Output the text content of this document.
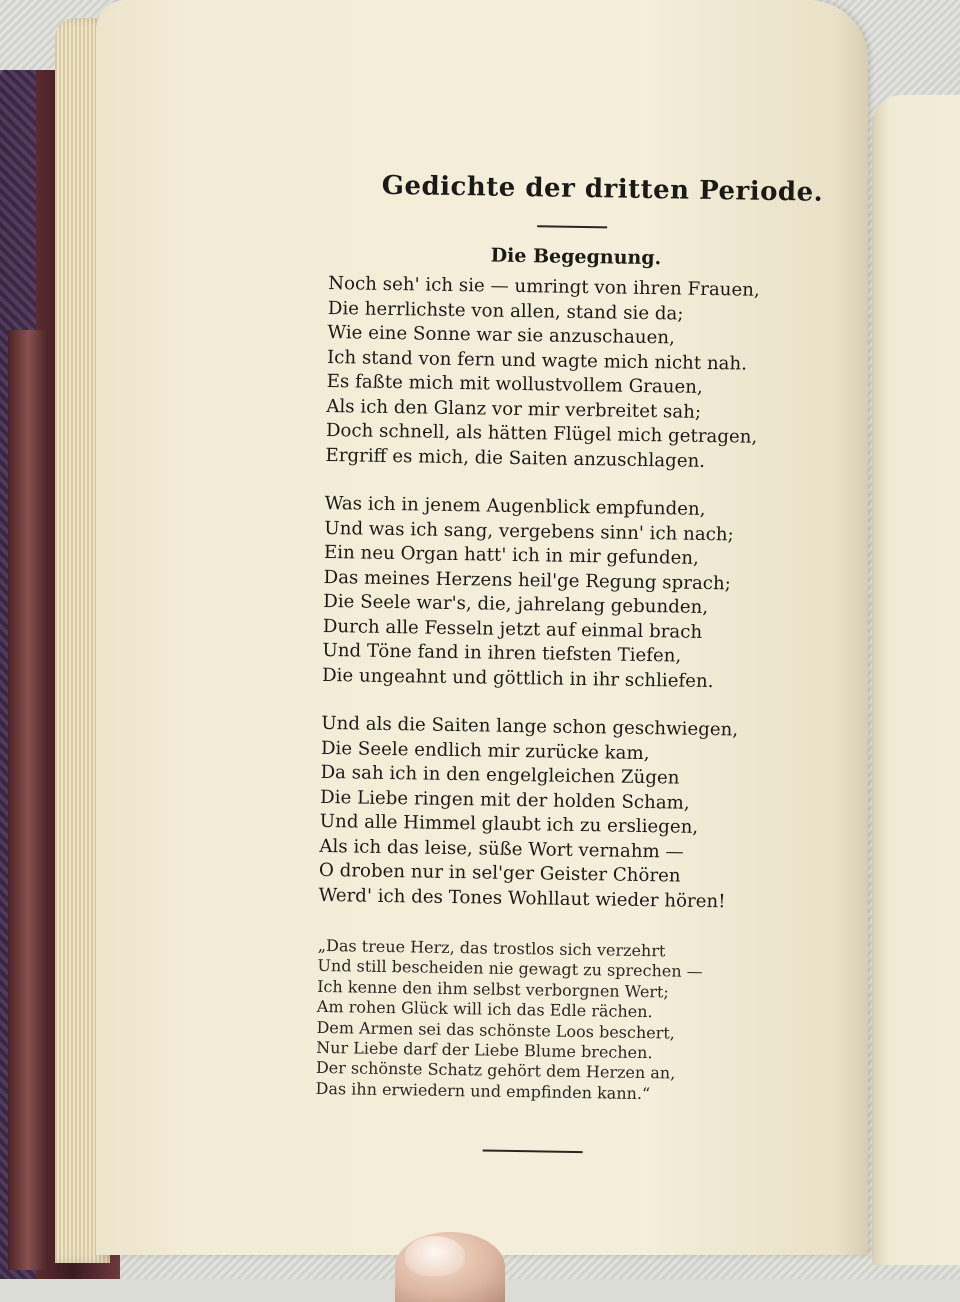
Gedichte der dritten Periode.
Die Begegnung.
Noch seh' ich sie — umringt von ihren Frauen,
Die herrlichste von allen, stand sie da;
Wie eine Sonne war sie anzuschauen,
Ich stand von fern und wagte mich nicht nah.
Es faßte mich mit wollustvollem Grauen,
Als ich den Glanz vor mir verbreitet sah;
Doch schnell, als hätten Flügel mich getragen,
Ergriff es mich, die Saiten anzuschlagen.
Was ich in jenem Augenblick empfunden,
Und was ich sang, vergebens sinn' ich nach;
Ein neu Organ hatt' ich in mir gefunden,
Das meines Herzens heil'ge Regung sprach;
Die Seele war's, die, jahrelang gebunden,
Durch alle Fesseln jetzt auf einmal brach
Und Töne fand in ihren tiefsten Tiefen,
Die ungeahnt und göttlich in ihr schliefen.
Und als die Saiten lange schon geschwiegen,
Die Seele endlich mir zurücke kam,
Da sah ich in den engelgleichen Zügen
Die Liebe ringen mit der holden Scham,
Und alle Himmel glaubt ich zu ersliegen,
Als ich das leise, süße Wort vernahm —
O droben nur in sel'ger Geister Chören
Werd' ich des Tones Wohllaut wieder hören!
„Das treue Herz, das trostlos sich verzehrt
Und still bescheiden nie gewagt zu sprechen —
Ich kenne den ihm selbst verborgnen Wert;
Am rohen Glück will ich das Edle rächen.
Dem Armen sei das schönste Loos beschert,
Nur Liebe darf der Liebe Blume brechen.
Der schönste Schatz gehört dem Herzen an,
Das ihn erwiedern und empfinden kann.“
